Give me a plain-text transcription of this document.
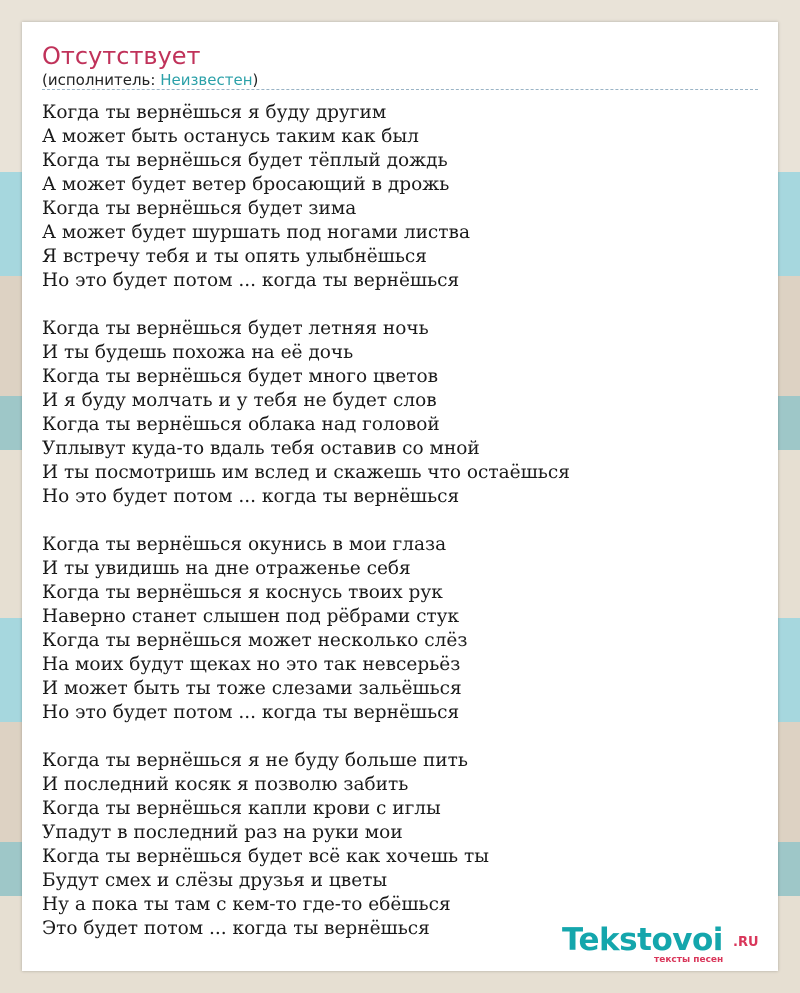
Отсутствует
(исполнитель: Неизвестен)
Когда ты вернёшься я буду другим
А может быть останусь таким как был
Когда ты вернёшься будет тёплый дождь
А может будет ветер бросающий в дрожь
Когда ты вернёшься будет зима
А может будет шуршать под ногами листва
Я встречу тебя и ты опять улыбнёшься
Но это будет потом ... когда ты вернёшься
Когда ты вернёшься будет летняя ночь
И ты будешь похожа на её дочь
Когда ты вернёшься будет много цветов
И я буду молчать и у тебя не будет слов
Когда ты вернёшься облака над головой
Уплывут куда-то вдаль тебя оставив со мной
И ты посмотришь им вслед и скажешь что остаёшься
Но это будет потом ... когда ты вернёшься
Когда ты вернёшься окунись в мои глаза
И ты увидишь на дне отраженье себя
Когда ты вернёшься я коснусь твоих рук
Наверно станет слышен под рёбрами стук
Когда ты вернёшься может несколько слёз
На моих будут щеках но это так невсерьёз
И может быть ты тоже слезами зальёшься
Но это будет потом ... когда ты вернёшься
Когда ты вернёшься я не буду больше пить
И последний косяк я позволю забить
Когда ты вернёшься капли крови с иглы
Упадут в последний раз на руки мои
Когда ты вернёшься будет всё как хочешь ты
Будут смех и слёзы друзья и цветы
Ну а пока ты там с кем-то где-то ебёшься
Это будет потом ... когда ты вернёшься	Tekstovoi .RU
тексты песен
